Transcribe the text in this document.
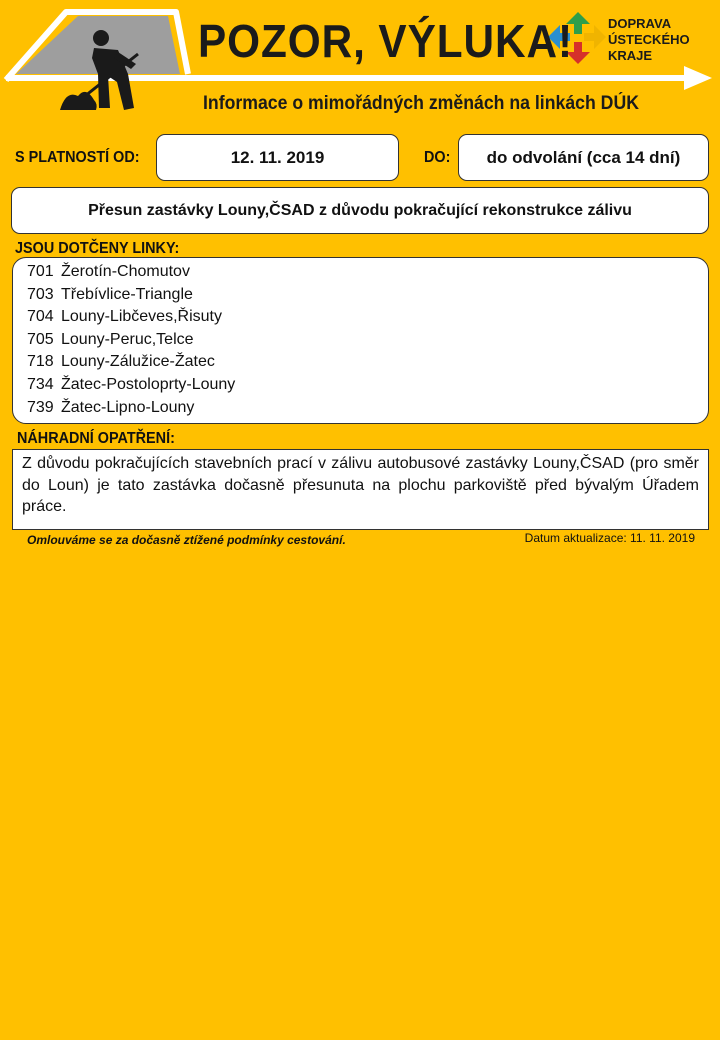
POZOR, VÝLUKA!
Informace o mimořádných změnách na linkách DÚK
DOPRAVA
ÚSTECKÉHO
KRAJE
S PLATNOSTÍ OD:	12. 11. 2019	DO:	do odvolání (cca 14 dní)
Přesun zastávky Louny,ČSAD z důvodu pokračující rekonstrukce zálivu
JSOU DOTČENY LINKY:
701 Žerotín-Chomutov
703 Třebívlice-Triangle
704 Louny-Libčeves,Řisuty
705 Louny-Peruc,Telce
718 Louny-Zálužice-Žatec
734 Žatec-Postoloprty-Louny
739 Žatec-Lipno-Louny
NÁHRADNÍ OPATŘENÍ:
Z důvodu pokračujících stavebních prací v zálivu autobusové zastávky Louny,ČSAD (pro směr do Loun) je tato zastávka dočasně přesunuta na plochu parkoviště před bývalým Úřadem práce.
Omlouváme se za dočasně ztížené podmínky cestování.	Datum aktualizace: 11. 11. 2019
